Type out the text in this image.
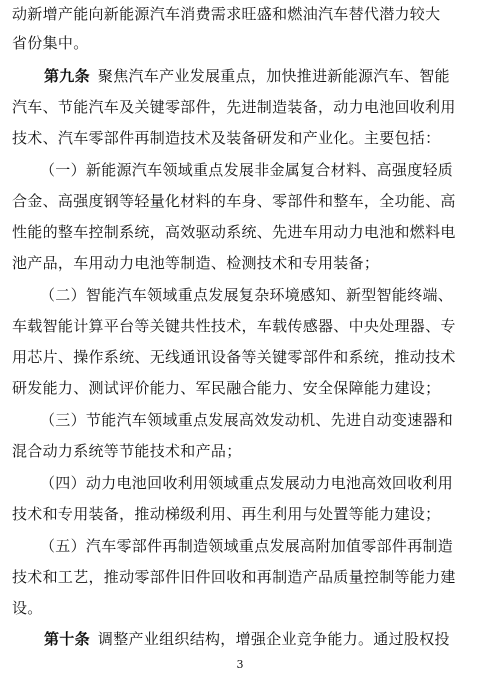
动新增产能向新能源汽车消费需求旺盛和燃油汽车替代潜力较大
省份集中。
第九条 聚焦汽车产业发展重点，加快推进新能源汽车、智能
汽车、节能汽车及关键零部件，先进制造装备，动力电池回收利用
技术、汽车零部件再制造技术及装备研发和产业化。主要包括：
（一）新能源汽车领域重点发展非金属复合材料、高强度轻质
合金、高强度钢等轻量化材料的车身、零部件和整车，全功能、高
性能的整车控制系统，高效驱动系统、先进车用动力电池和燃料电
池产品，车用动力电池等制造、检测技术和专用装备；
（二）智能汽车领域重点发展复杂环境感知、新型智能终端、
车载智能计算平台等关键共性技术，车载传感器、中央处理器、专
用芯片、操作系统、无线通讯设备等关键零部件和系统，推动技术
研发能力、测试评价能力、军民融合能力、安全保障能力建设；
（三）节能汽车领域重点发展高效发动机、先进自动变速器和
混合动力系统等节能技术和产品；
（四）动力电池回收利用领域重点发展动力电池高效回收利用
技术和专用装备，推动梯级利用、再生利用与处置等能力建设；
（五）汽车零部件再制造领域重点发展高附加值零部件再制造
技术和工艺，推动零部件旧件回收和再制造产品质量控制等能力建
设。
第十条 调整产业组织结构，增强企业竞争能力。通过股权投
3
